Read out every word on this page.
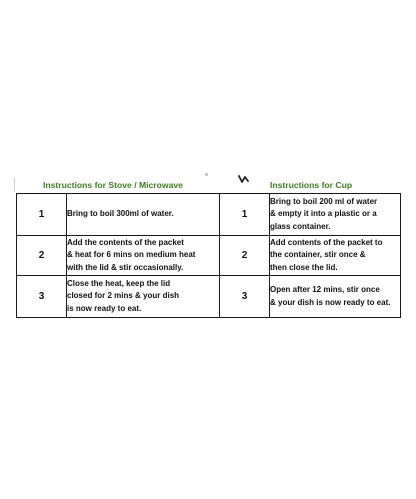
Instructions for Stove / Microwave	Instructions for Cup
1	Bring to boil 300ml of water.	1	Bring to boil 200 ml of water
& empty it into a plastic or a
glass container.

2	Add the contents of the packet
& heat for 6 mins on medium heat
with the lid & stir occasionally.	2	Add contents of the packet to
the container, stir once &
then close the lid.

3	Close the heat, keep the lid
closed for 2 mins & your dish
is now ready to eat.	3	Open after 12 mins, stir once
& your dish is now ready to eat.
